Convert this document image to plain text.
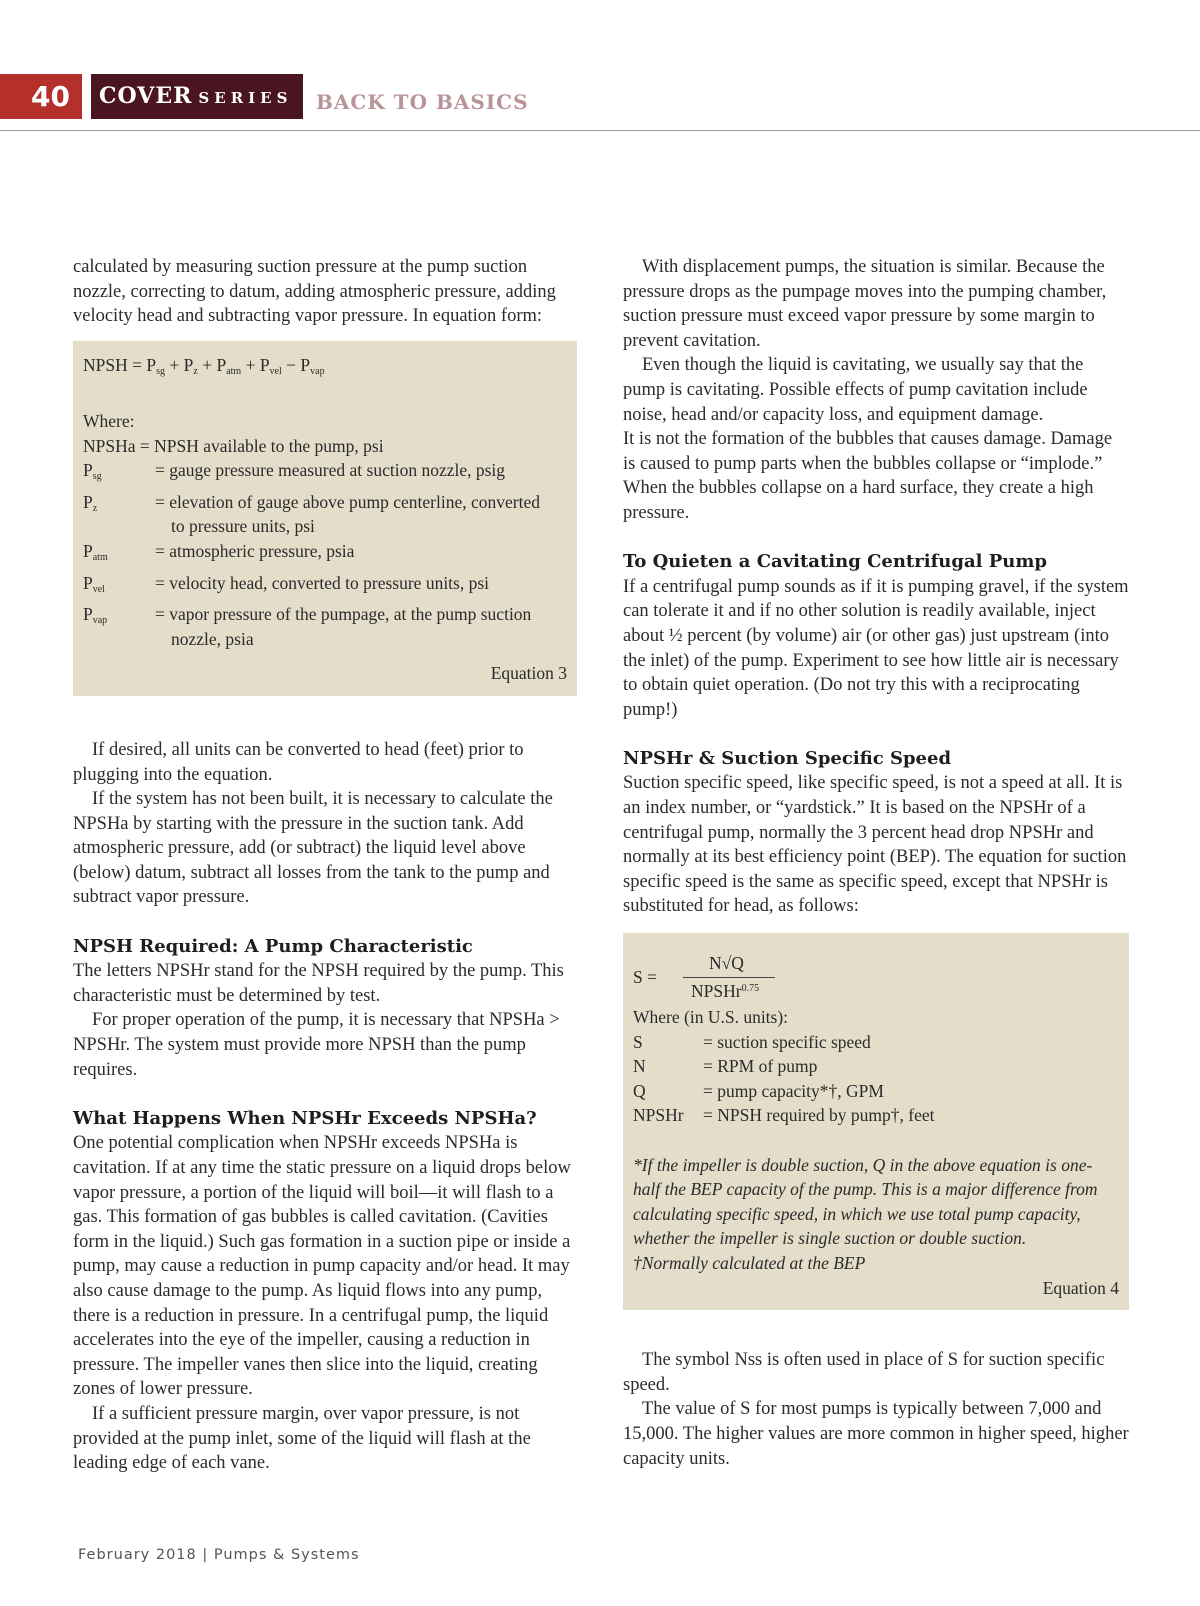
40	COVER SERIES	BACK TO BASICS

calculated by measuring suction pressure at the pump suction nozzle, correcting to datum, adding atmospheric pressure, adding velocity head and subtracting vapor pressure. In equation form:

NPSH = $P_{sg} + P_z + P_{atm} + P_{vel} - P_{vap}$
Where:
NPSHa = NPSH available to the pump, psi
$P_{sg}$	= gauge pressure measured at suction nozzle, psig
$P_z$	= elevation of gauge above pump centerline, converted
to pressure units, psi
$P_{atm}$	= atmospheric pressure, psia
$P_{vel}$	= velocity head, converted to pressure units, psi
$P_{vap}$	= vapor pressure of the pumpage, at the pump suction
nozzle, psia
Equation 3

If desired, all units can be converted to head (feet) prior to plugging into the equation.

If the system has not been built, it is necessary to calculate the NPSHa by starting with the pressure in the suction tank. Add atmospheric pressure, add (or subtract) the liquid level above (below) datum, subtract all losses from the tank to the pump and subtract vapor pressure.

NPSH Required: A Pump Characteristic

The letters NPSHr stand for the NPSH required by the pump. This characteristic must be determined by test.

For proper operation of the pump, it is necessary that NPSHa > NPSHr. The system must provide more NPSH than the pump requires.

What Happens When NPSHr Exceeds NPSHa?

One potential complication when NPSHr exceeds NPSHa is cavitation. If at any time the static pressure on a liquid drops below vapor pressure, a portion of the liquid will boil—it will flash to a gas. This formation of gas bubbles is called cavitation. (Cavities form in the liquid.) Such gas formation in a suction pipe or inside a pump, may cause a reduction in pump capacity and/or head. It may also cause damage to the pump. As liquid flows into any pump, there is a reduction in pressure. In a centrifugal pump, the liquid accelerates into the eye of the impeller, causing a reduction in pressure. The impeller vanes then slice into the liquid, creating zones of lower pressure.

If a sufficient pressure margin, over vapor pressure, is not provided at the pump inlet, some of the liquid will flash at the leading edge of each vane.

With displacement pumps, the situation is similar. Because the pressure drops as the pumpage moves into the pumping chamber, suction pressure must exceed vapor pressure by some margin to prevent cavitation.

Even though the liquid is cavitating, we usually say that the pump is cavitating. Possible effects of pump cavitation include noise, head and/or capacity loss, and equipment damage.

It is not the formation of the bubbles that causes damage. Damage is caused to pump parts when the bubbles collapse or “implode.” When the bubbles collapse on a hard surface, they create a high pressure.

To Quieten a Cavitating Centrifugal Pump

If a centrifugal pump sounds as if it is pumping gravel, if the system can tolerate it and if no other solution is readily available, inject about ½ percent (by volume) air (or other gas) just upstream (into the inlet) of the pump. Experiment to see how little air is necessary to obtain quiet operation. (Do not try this with a reciprocating pump!)

NPSHr & Suction Specific Speed

Suction specific speed, like specific speed, is not a speed at all. It is an index number, or “yardstick.” It is based on the NPSHr of a centrifugal pump, normally the 3 percent head drop NPSHr and normally at its best efficiency point (BEP). The equation for suction specific speed is the same as specific speed, except that NPSHr is substituted for head, as follows:

S =
N√Q
NPSHr$^{0.75}$
Where (in U.S. units):
S	= suction specific speed
N	= RPM of pump
Q	= pump capacity*†, GPM
NPSHr = NPSH required by pump†, feet
*If the impeller is double suction, Q in the above equation is one-half the BEP capacity of the pump. This is a major difference from calculating specific speed, in which we use total pump capacity, whether the impeller is single suction or double suction.
†Normally calculated at the BEP
Equation 4

The symbol Nss is often used in place of S for suction specific speed.

The value of S for most pumps is typically between 7,000 and 15,000. The higher values are more common in higher speed, higher capacity units.

February 2018 | Pumps & Systems
